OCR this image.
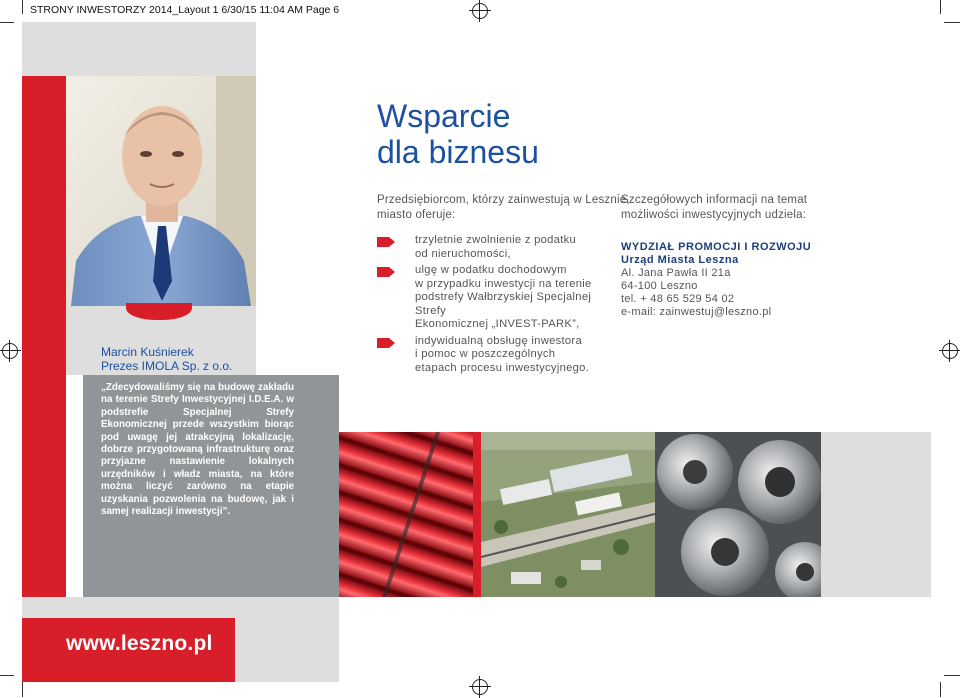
STRONY INWESTORZY 2014_Layout 1 6/30/15 11:04 AM Page 6
Marcin Kuśnierek
Prezes IMOLA Sp. z o.o.
„Zdecydowaliśmy się na budowę zakładu na terenie Strefy Inwestycyjnej I.D.E.A. w podstrefie Specjalnej Strefy Ekonomicznej przede wszystkim biorąc pod uwagę jej atrakcyjną lokalizację, dobrze przygotowaną infrastrukturę oraz przyjazne nastawienie lokalnych urzędników i władz miasta, na które można liczyć zarówno na etapie uzyskania pozwolenia na budowę, jak i samej realizacji inwestycji”.
Wsparcie
dla biznesu
Przedsiębiorcom, którzy zainwestują w Lesznie,
miasto oferuje:
trzyletnie zwolnienie z podatku
od nieruchomości,
ulgę w podatku dochodowym
w przypadku inwestycji na terenie
podstrefy Wałbrzyskiej Specjalnej Strefy
Ekonomicznej „INVEST-PARK”,
indywidualną obsługę inwestora
i pomoc w poszczególnych
etapach procesu inwestycyjnego.
Szczegółowych informacji na temat
możliwości inwestycyjnych udziela:
WYDZIAŁ PROMOCJI I ROZWOJU
Urząd Miasta Leszna
Al. Jana Pawła II 21a
64-100 Leszno
tel. + 48 65 529 54 02
e-mail: zainwestuj@leszno.pl
www.leszno.pl
